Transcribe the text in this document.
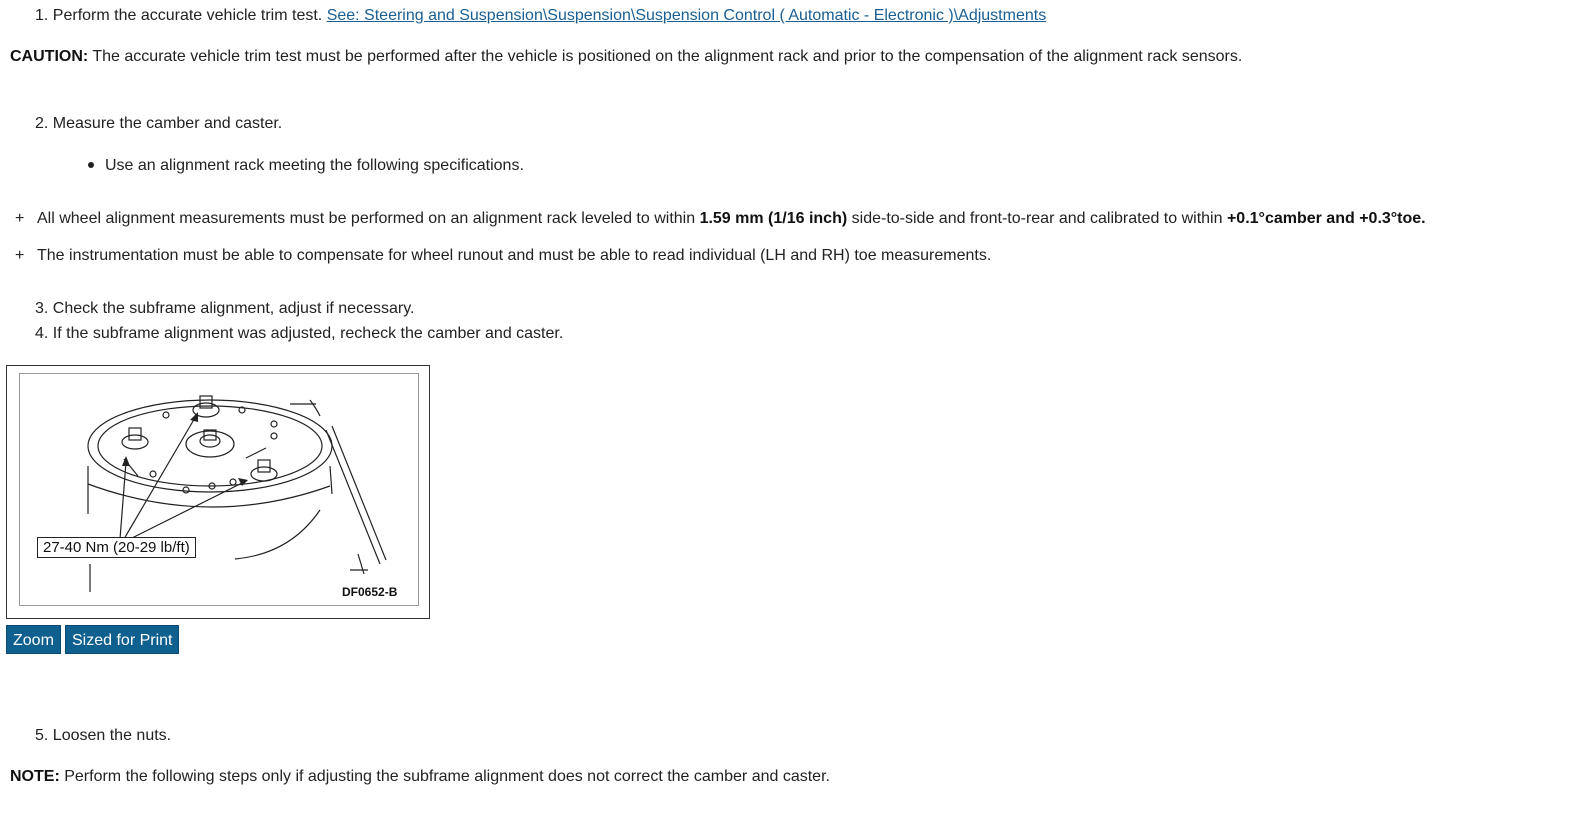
1. Perform the accurate vehicle trim test. See: Steering and Suspension\Suspension\Suspension Control ( Automatic - Electronic )\Adjustments
CAUTION: The accurate vehicle trim test must be performed after the vehicle is positioned on the alignment rack and prior to the compensation of the alignment rack sensors.
2. Measure the camber and caster.
Use an alignment rack meeting the following specifications.
+ All wheel alignment measurements must be performed on an alignment rack leveled to within 1.59 mm (1/16 inch) side-to-side and front-to-rear and calibrated to within +0.1°camber and +0.3°toe.
+ The instrumentation must be able to compensate for wheel runout and must be able to read individual (LH and RH) toe measurements.
3. Check the subframe alignment, adjust if necessary.
4. If the subframe alignment was adjusted, recheck the camber and caster.
27-40 Nm (20-29 lb/ft)
DF0652-B
Zoom	Sized for Print
5. Loosen the nuts.
NOTE: Perform the following steps only if adjusting the subframe alignment does not correct the camber and caster.
